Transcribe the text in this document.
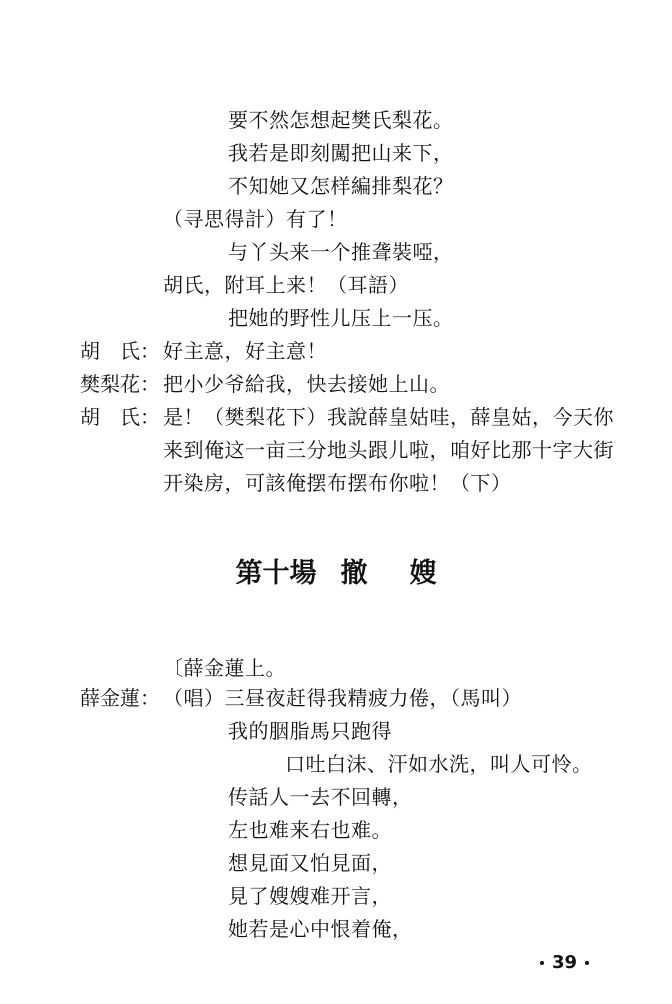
要不然怎想起樊氏梨花。
我若是即刻闖把山来下，
不知她又怎样編排梨花？
（寻思得計）有了！
与丫头来一个推聋裝啞，
胡氏，附耳上来！（耳語）
把她的野性儿压上一压。
胡　氏： 好主意，好主意！
樊梨花： 把小少爷給我，快去接她上山。
胡　氏： 是！（樊梨花下）我說薛皇姑哇，薛皇姑，今天你
来到俺这一亩三分地头跟儿啦，咱好比那十字大街
开染房，可該俺摆布摆布你啦！（下）
第十場 撤 嫂
〔薛金蓮上。
薛金蓮： （唱）三昼夜赶得我精疲力倦，（馬叫）
我的胭脂馬只跑得
口吐白沫、汗如水洗，叫人可怜。
传話人一去不回轉，
左也难来右也难。
想見面又怕見面，
見了嫂嫂难开言，
她若是心中恨着俺，
39
